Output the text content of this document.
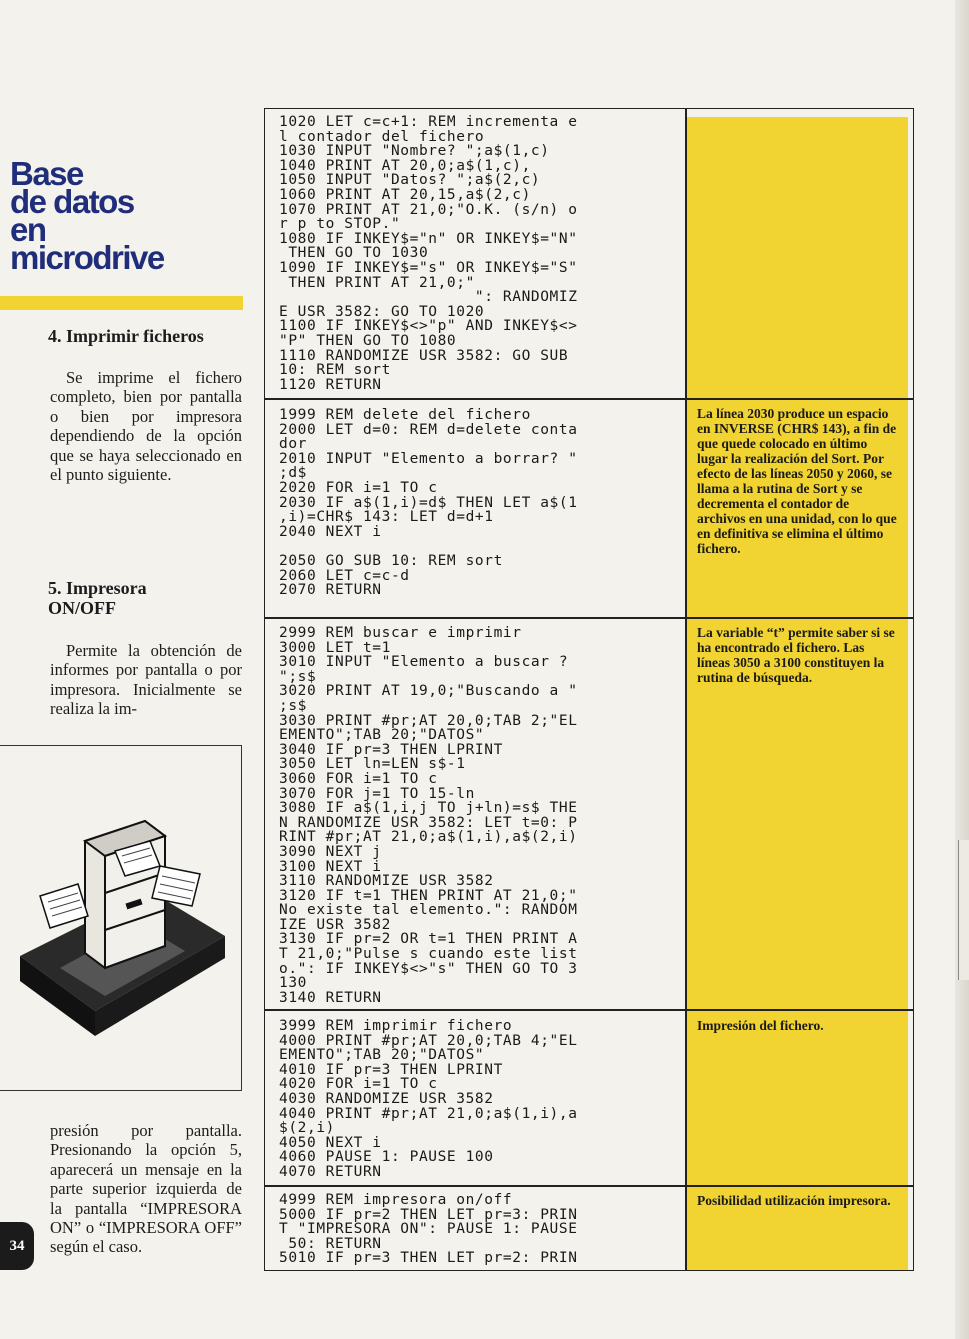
Base
de datos
en
microdrive
4. Imprimir ficheros
Se imprime el fichero completo, bien por pantalla o bien por impresora dependiendo de la opción que se haya seleccionado en el punto siguiente.
5. Impresora
ON/OFF
Permite la obtención de informes por pantalla o por impresora. Inicialmente se realiza la im-
presión por pantalla. Presionando la opción 5, aparecerá un mensaje en la parte superior izquierda de la pantalla “IMPRESORA ON” o “IMPRESORA OFF” según el caso.
34
1020 LET c=c+1: REM incrementa e
l contador del fichero
1030 INPUT "Nombre? ";a$(1,c)
1040 PRINT AT 20,0;a$(1,c),
1050 INPUT "Datos? ";a$(2,c)
1060 PRINT AT 20,15,a$(2,c)
1070 PRINT AT 21,0;"O.K. (s/n) o
r p to STOP."
1080 IF INKEY$="n" OR INKEY$="N"
THEN GO TO 1030
1090 IF INKEY$="s" OR INKEY$="S"
THEN PRINT AT 21,0;"
": RANDOMIZ
E USR 3582: GO TO 1020
1100 IF INKEY$<>"p" AND INKEY$<>
"P" THEN GO TO 1080
1110 RANDOMIZE USR 3582: GO SUB
10: REM sort
1120 RETURN
1999 REM delete del fichero
2000 LET d=0: REM d=delete conta
dor
2010 INPUT "Elemento a borrar? "
;d$
2020 FOR i=1 TO c
2030 IF a$(1,i)=d$ THEN LET a$(1
,i)=CHR$ 143: LET d=d+1
2040 NEXT i

2050 GO SUB 10: REM sort
2060 LET c=c-d
2070 RETURN
2999 REM buscar e imprimir
3000 LET t=1
3010 INPUT "Elemento a buscar ?
";s$
3020 PRINT AT 19,0;"Buscando a "
;s$
3030 PRINT #pr;AT 20,0;TAB 2;"EL
EMENTO";TAB 20;"DATOS"
3040 IF pr=3 THEN LPRINT
3050 LET ln=LEN s$-1
3060 FOR i=1 TO c
3070 FOR j=1 TO 15-ln
3080 IF a$(1,i,j TO j+ln)=s$ THE
N RANDOMIZE USR 3582: LET t=0: P
RINT #pr;AT 21,0;a$(1,i),a$(2,i)
3090 NEXT j
3100 NEXT i
3110 RANDOMIZE USR 3582
3120 IF t=1 THEN PRINT AT 21,0;"
No existe tal elemento.": RANDOM
IZE USR 3582
3130 IF pr=2 OR t=1 THEN PRINT A
T 21,0;"Pulse s cuando este list
o.": IF INKEY$<>"s" THEN GO TO 3
130
3140 RETURN
3999 REM imprimir fichero
4000 PRINT #pr;AT 20,0;TAB 4;"EL
EMENTO";TAB 20;"DATOS"
4010 IF pr=3 THEN LPRINT
4020 FOR i=1 TO c
4030 RANDOMIZE USR 3582
4040 PRINT #pr;AT 21,0;a$(1,i),a
$(2,i)
4050 NEXT i
4060 PAUSE 1: PAUSE 100
4070 RETURN
4999 REM impresora on/off
5000 IF pr=2 THEN LET pr=3: PRIN
T "IMPRESORA ON": PAUSE 1: PAUSE
50: RETURN
5010 IF pr=3 THEN LET pr=2: PRIN
La línea 2030 produce un espacio en INVERSE (CHR$ 143), a fin de que quede colocado en último lugar la realización del Sort. Por efecto de las líneas 2050 y 2060, se llama a la rutina de Sort y se decrementa el contador de archivos en una unidad, con lo que en definitiva se elimina el último fichero.
La variable “t” permite saber si se ha encontrado el fichero. Las líneas 3050 a 3100 constituyen la rutina de búsqueda.
Impresión del fichero.
Posibilidad utilización impresora.
